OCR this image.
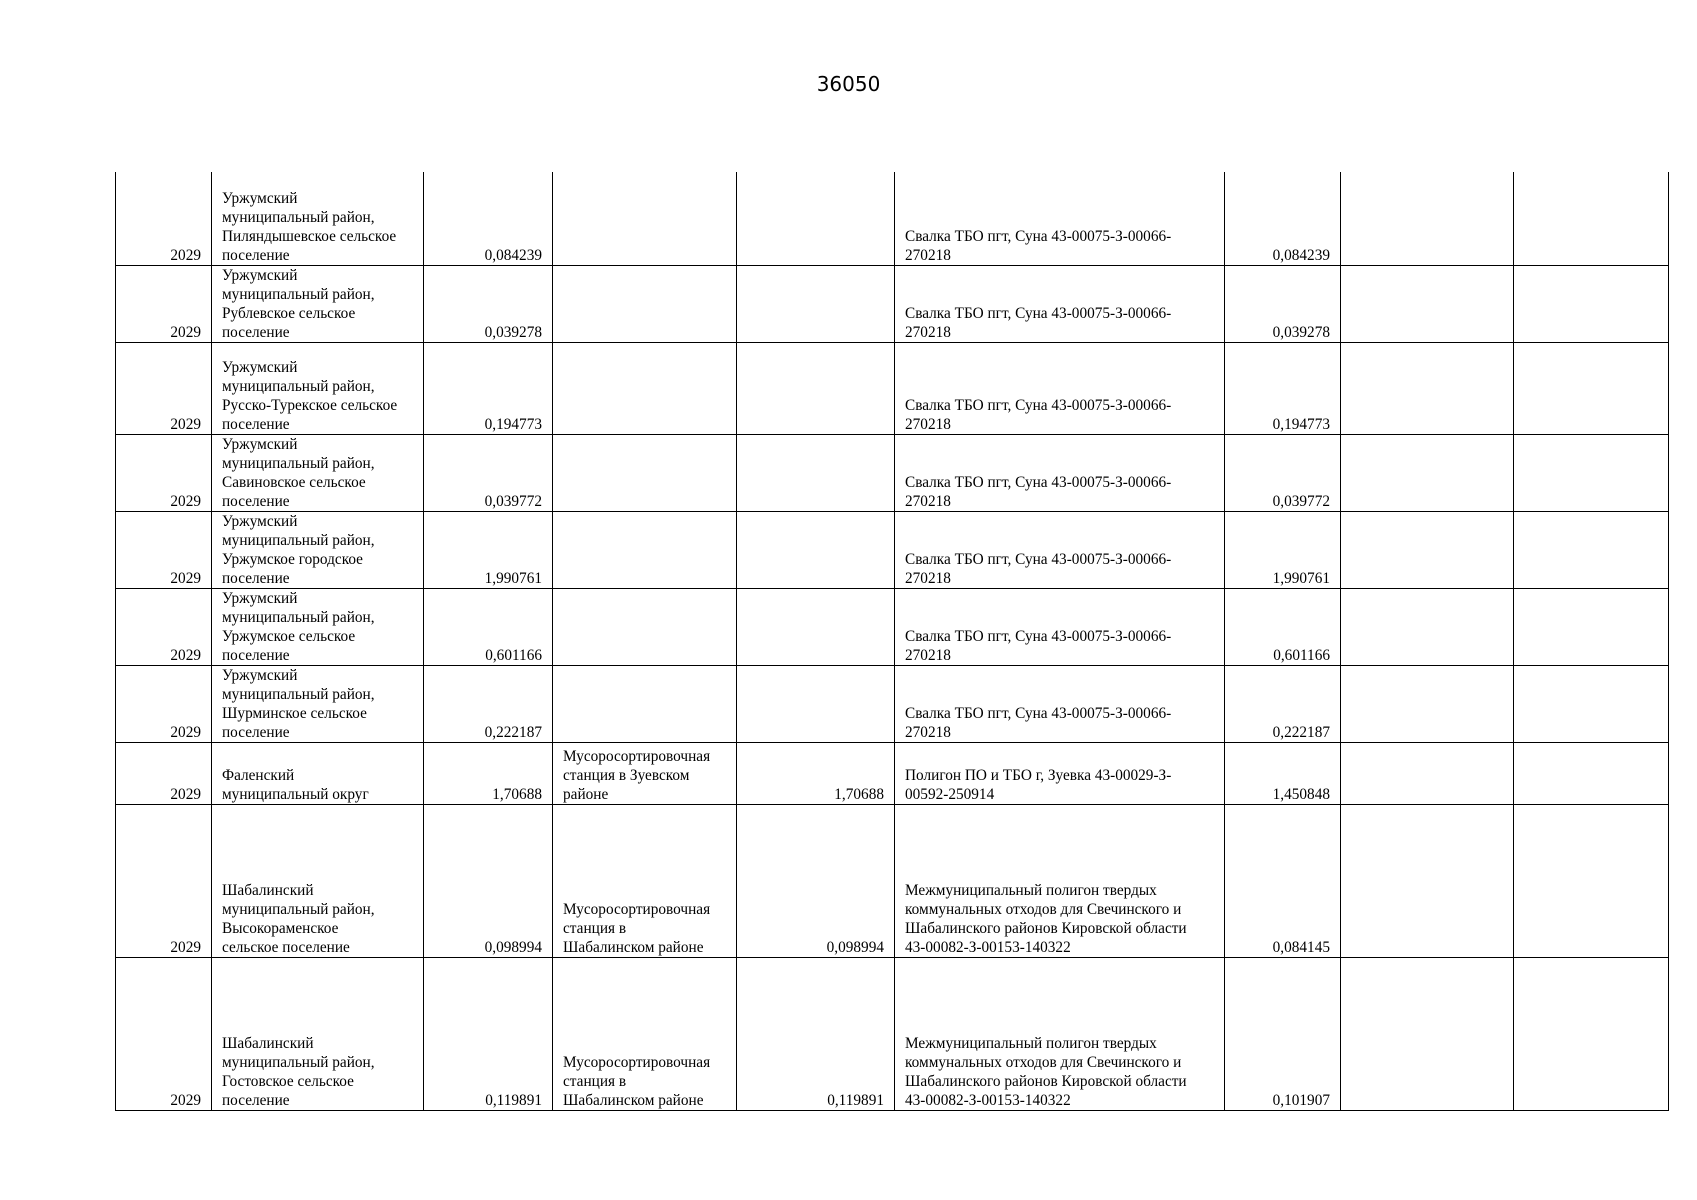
36050
2029	Уржумский
муниципальный район,
Пиляндышевское сельское
поселение	0,084239			Свалка ТБО пгт, Суна 43-00075-З-00066-
270218	0,084239		
2029	Уржумский
муниципальный район,
Рублевское сельское
поселение	0,039278			Свалка ТБО пгт, Суна 43-00075-З-00066-
270218	0,039278		
2029	Уржумский
муниципальный район,
Русско-Турекское сельское
поселение	0,194773			Свалка ТБО пгт, Суна 43-00075-З-00066-
270218	0,194773		
2029	Уржумский
муниципальный район,
Савиновское сельское
поселение	0,039772			Свалка ТБО пгт, Суна 43-00075-З-00066-
270218	0,039772		
2029	Уржумский
муниципальный район,
Уржумское городское
поселение	1,990761			Свалка ТБО пгт, Суна 43-00075-З-00066-
270218	1,990761		
2029	Уржумский
муниципальный район,
Уржумское сельское
поселение	0,601166			Свалка ТБО пгт, Суна 43-00075-З-00066-
270218	0,601166		
2029	Уржумский
муниципальный район,
Шурминское сельское
поселение	0,222187			Свалка ТБО пгт, Суна 43-00075-З-00066-
270218	0,222187		
2029	Фаленский
муниципальный округ	1,70688	Мусоросортировочная
станция в Зуевском
районе	1,70688	Полигон ПО и ТБО г, Зуевка 43-00029-З-
00592-250914	1,450848		
2029	Шабалинский
муниципальный район,
Высокораменское
сельское поселение	0,098994	Мусоросортировочная
станция в
Шабалинском районе	0,098994	Межмуниципальный полигон твердых
коммунальных отходов для Свечинского и
Шабалинского районов Кировской области
43-00082-З-00153-140322	0,084145		
2029	Шабалинский
муниципальный район,
Гостовское сельское
поселение	0,119891	Мусоросортировочная
станция в
Шабалинском районе	0,119891	Межмуниципальный полигон твердых
коммунальных отходов для Свечинского и
Шабалинского районов Кировской области
43-00082-З-00153-140322	0,101907		
